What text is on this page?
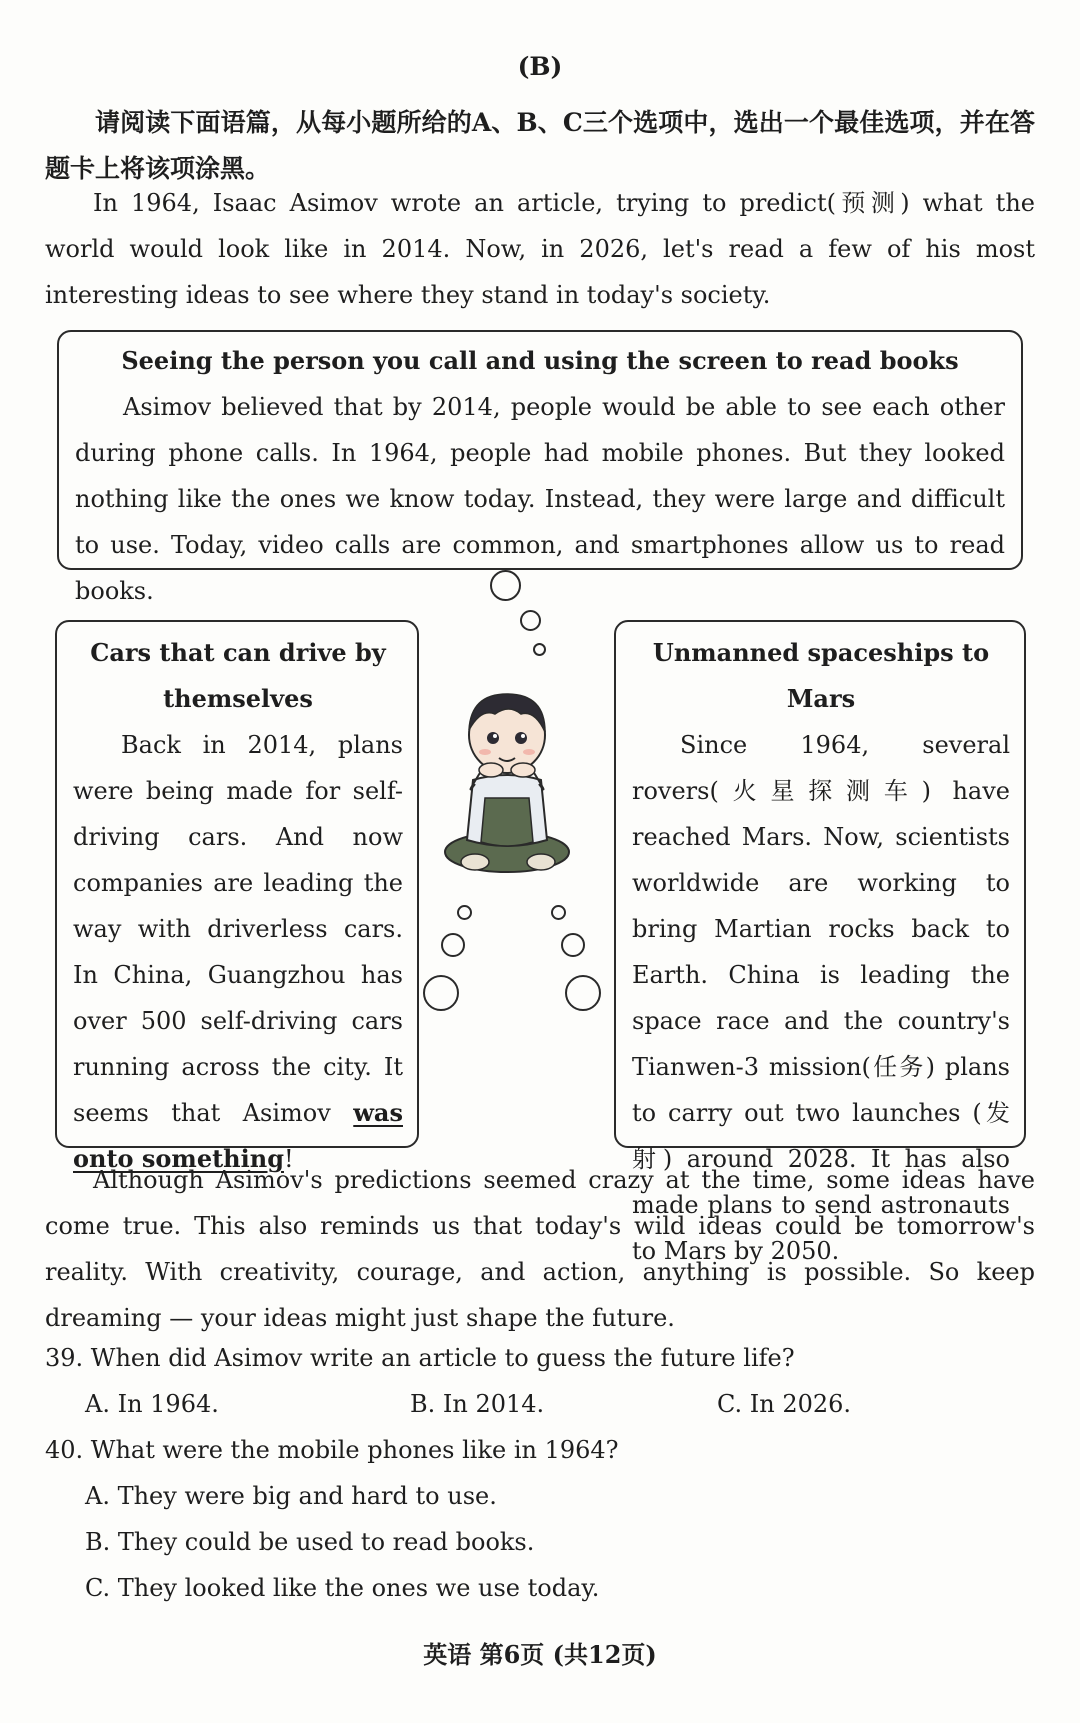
(B)
请阅读下面语篇，从每小题所给的A、B、C三个选项中，选出一个最佳选项，并在答题卡上将该项涂黑。
In 1964, Isaac Asimov wrote an article, trying to predict(预测) what the world would look like in 2014. Now, in 2026, let's read a few of his most interesting ideas to see where they stand in today's society.
Seeing the person you call and using the screen to read books
Asimov believed that by 2014, people would be able to see each other during phone calls. In 1964, people had mobile phones. But they looked nothing like the ones we know today. Instead, they were large and difficult to use. Today, video calls are common, and smartphones allow us to read books.
Cars that can drive by themselves
Back in 2014, plans were being made for self-driving cars. And now companies are leading the way with driverless cars. In China, Guangzhou has over 500 self-driving cars running across the city. It seems that Asimov was onto something!
Unmanned spaceships to Mars
Since 1964, several rovers(火星探测车) have reached Mars. Now, scientists worldwide are working to bring Martian rocks back to Earth. China is leading the space race and the country's Tianwen-3 mission(任务) plans to carry out two launches (发射) around 2028. It has also made plans to send astronauts to Mars by 2050.
Although Asimov's predictions seemed crazy at the time, some ideas have come true. This also reminds us that today's wild ideas could be tomorrow's reality. With creativity, courage, and action, anything is possible. So keep dreaming — your ideas might just shape the future.
39. When did Asimov write an article to guess the future life?
A. In 1964.	B. In 2014.	C. In 2026.
40. What were the mobile phones like in 1964?
A. They were big and hard to use.
B. They could be used to read books.
C. They looked like the ones we use today.
英语 第6页 (共12页)
